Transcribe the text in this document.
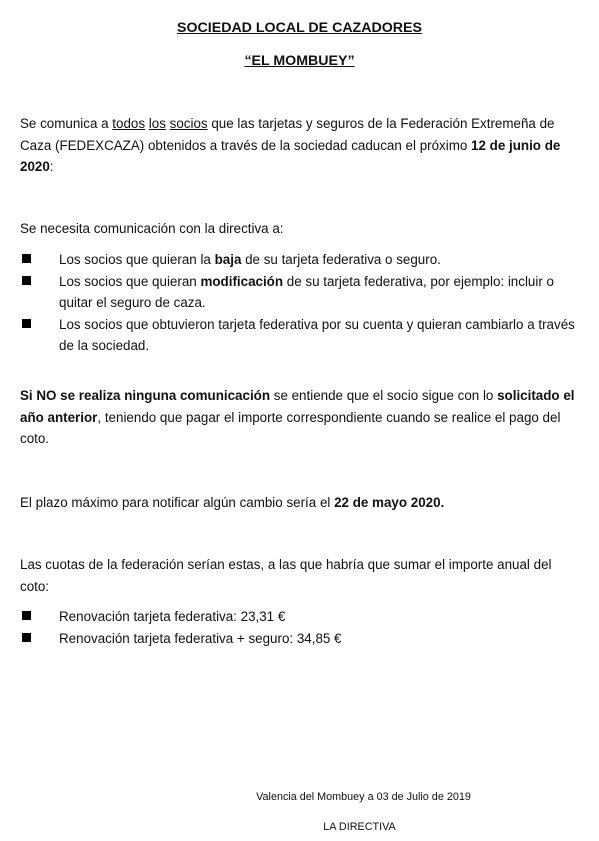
SOCIEDAD LOCAL DE CAZADORES
“EL MOMBUEY”

Se comunica a todos los socios que las tarjetas y seguros de la Federación Extremeña de Caza (FEDEXCAZA) obtenidos a través de la sociedad caducan el próximo 12 de junio de 2020:

Se necesita comunicación con la directiva a:

Los socios que quieran la baja de su tarjeta federativa o seguro.
Los socios que quieran modificación de su tarjeta federativa, por ejemplo: incluir o quitar el seguro de caza.
Los socios que obtuvieron tarjeta federativa por su cuenta y quieran cambiarlo a través de la sociedad.

Si NO se realiza ninguna comunicación se entiende que el socio sigue con lo solicitado el año anterior, teniendo que pagar el importe correspondiente cuando se realice el pago del coto.

El plazo máximo para notificar algún cambio sería el 22 de mayo 2020.

Las cuotas de la federación serían estas, a las que habría que sumar el importe anual del coto:

Renovación tarjeta federativa: 23,31 €
Renovación tarjeta federativa + seguro: 34,85 €
Valencia del Mombuey a 03 de Julio de 2019
LA DIRECTIVA
